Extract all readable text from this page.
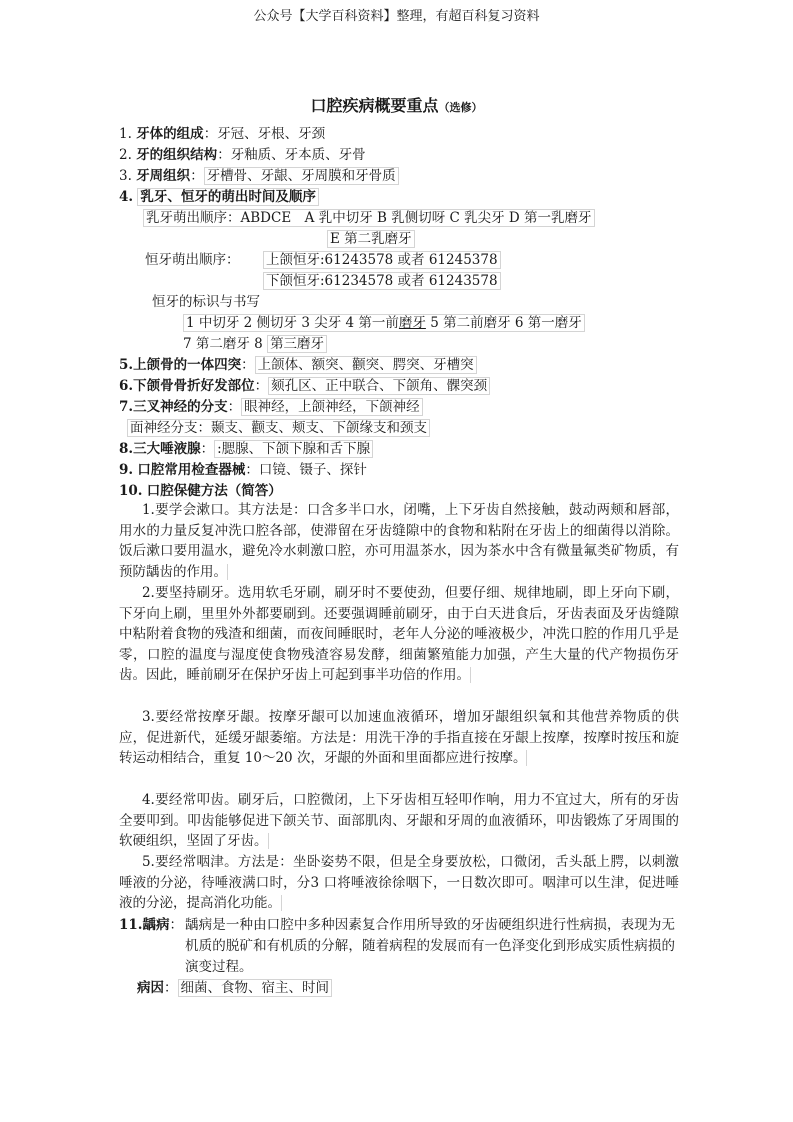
公众号【大学百科资料】整理，有超百科复习资料
口腔疾病概要重点（选修）
1. 牙体的组成：牙冠、牙根、牙颈
2. 牙的组织结构：牙釉质、牙本质、牙骨
3. 牙周组织： 牙槽骨、牙龈、牙周膜和牙骨质
4. 乳牙、恒牙的萌出时间及顺序
乳牙萌出顺序：ABDCE　A 乳中切牙 B 乳侧切呀 C 乳尖牙 D 第一乳磨牙
E 第二乳磨牙
恒牙萌出顺序： 上颌恒牙:61243578 或者 61245378
下颌恒牙:61234578 或者 61243578
恒牙的标识与书写
1 中切牙 2 侧切牙 3 尖牙 4 第一前磨牙 5 第二前磨牙 6 第一磨牙
7 第二磨牙 8 第三磨牙
5.上颌骨的一体四突： 上颌体、额突、颧突、腭突、牙槽突
6.下颌骨骨折好发部位： 颏孔区、正中联合、下颌角、髁突颈
7.三叉神经的分支： 眼神经，上颌神经，下颌神经
面神经分支：颞支、颧支、颊支、下颌缘支和颈支
8.三大唾液腺： :腮腺、下颌下腺和舌下腺
9. 口腔常用检查器械：口镜、镊子、探针
10. 口腔保健方法（简答）
1.要学会漱口。其方法是：口含多半口水，闭嘴，上下牙齿自然接触，鼓动两颊和唇部，用水的力量反复冲洗口腔各部，使滞留在牙齿缝隙中的食物和粘附在牙齿上的细菌得以消除。饭后漱口要用温水，避免冷水刺激口腔，亦可用温茶水，因为茶水中含有微量氟类矿物质，有预防龋齿的作用。
2.要坚持刷牙。选用软毛牙刷，刷牙时不要使劲，但要仔细、规律地刷，即上牙向下刷，下牙向上刷，里里外外都要刷到。还要强调睡前刷牙，由于白天进食后，牙齿表面及牙齿缝隙中粘附着食物的残渣和细菌，而夜间睡眠时，老年人分泌的唾液极少，冲洗口腔的作用几乎是零，口腔的温度与湿度使食物残渣容易发酵，细菌繁殖能力加强，产生大量的代产物损伤牙齿。因此，睡前刷牙在保护牙齿上可起到事半功倍的作用。
3.要经常按摩牙龈。按摩牙龈可以加速血液循环，增加牙龈组织氧和其他营养物质的供应，促进新代，延缓牙龈萎缩。方法是：用洗干净的手指直接在牙龈上按摩，按摩时按压和旋转运动相结合，重复 10～20 次，牙龈的外面和里面都应进行按摩。
4.要经常叩齿。刷牙后，口腔微闭，上下牙齿相互轻叩作响，用力不宜过大，所有的牙齿全要叩到。叩齿能够促进下颌关节、面部肌肉、牙龈和牙周的血液循环，叩齿锻炼了牙周围的软硬组织，坚固了牙齿。
5.要经常咽津。方法是：坐卧姿势不限，但是全身要放松，口微闭，舌头舐上腭，以刺激唾液的分泌，待唾液满口时，分3 口将唾液徐徐咽下，一日数次即可。咽津可以生津，促进唾液的分泌，提高消化功能。
11.龋病： 龋病是一种由口腔中多种因素复合作用所导致的牙齿硬组织进行性病损，表现为无机质的脱矿和有机质的分解，随着病程的发展而有一色泽变化到形成实质性病损的演变过程。
病因： 细菌、食物、宿主、时间
